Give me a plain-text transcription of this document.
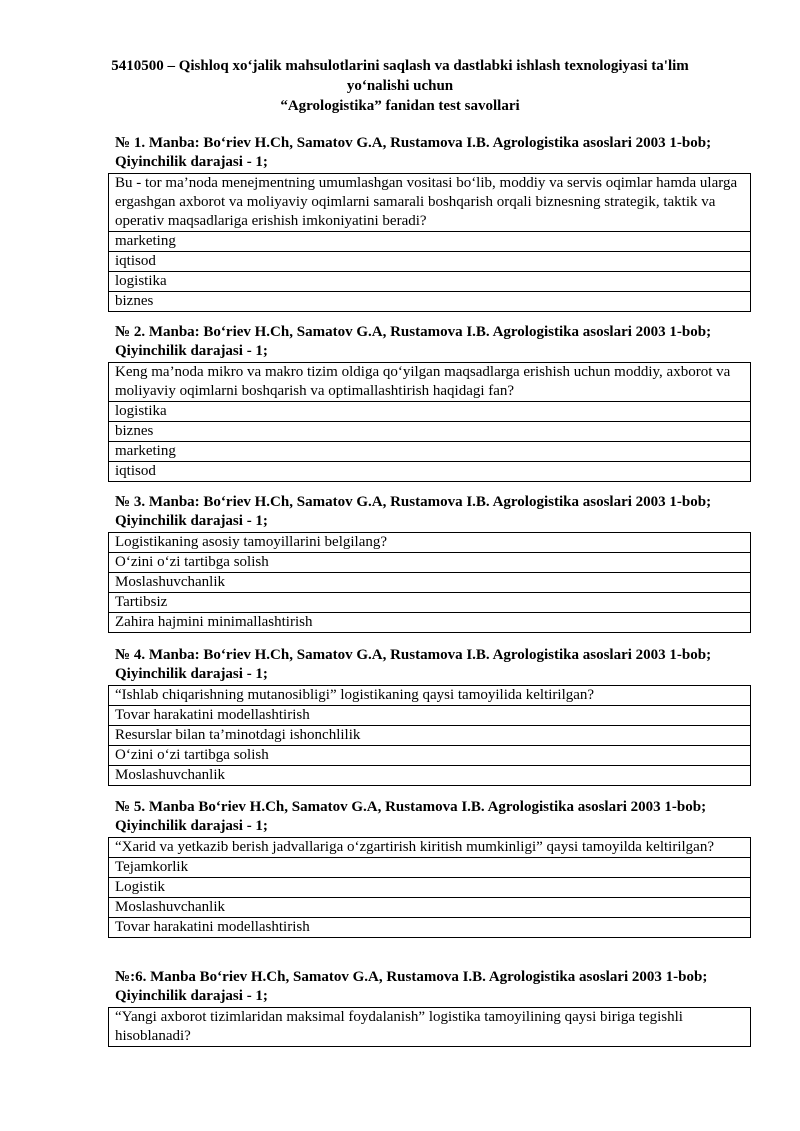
5410500 – Qishloq xo‘jalik mahsulotlarini saqlash va dastlabki ishlash texnologiyasi ta'lim yo‘nalishi uchun
“Agrologistika” fanidan test savollari
№ 1. Manba: Bo‘riev H.Ch, Samatov G.A, Rustamova I.B. Agrologistika asoslari 2003 1-bob; Qiyinchilik darajasi - 1;
Bu - tor ma’noda menejmentning umumlashgan vositasi bo‘lib, moddiy va servis oqimlar hamda ularga ergashgan axborot va moliyaviy oqimlarni samarali boshqarish orqali biznesning strategik, taktik va operativ maqsadlariga erishish imkoniyatini beradi?
marketing
iqtisod
logistika
biznes
№ 2. Manba: Bo‘riev H.Ch, Samatov G.A, Rustamova I.B. Agrologistika asoslari 2003 1-bob; Qiyinchilik darajasi - 1;
Keng ma’noda mikro va makro tizim oldiga qo‘yilgan maqsadlarga erishish uchun moddiy, axborot va moliyaviy oqimlarni boshqarish va optimallashtirish haqidagi fan?
logistika
biznes
marketing
iqtisod
№ 3. Manba: Bo‘riev H.Ch, Samatov G.A, Rustamova I.B. Agrologistika asoslari 2003 1-bob; Qiyinchilik darajasi - 1;
Logistikaning asosiy tamoyillarini belgilang?
O‘zini o‘zi tartibga solish
Moslashuvchanlik
Tartibsiz
Zahira hajmini minimallashtirish
№ 4. Manba: Bo‘riev H.Ch, Samatov G.A, Rustamova I.B. Agrologistika asoslari 2003 1-bob; Qiyinchilik darajasi - 1;
“Ishlab chiqarishning mutanosibligi” logistikaning qaysi tamoyilida keltirilgan?
Tovar harakatini modellashtirish
Resurslar bilan ta’minotdagi ishonchlilik
O‘zini o‘zi tartibga solish
Moslashuvchanlik
№ 5. Manba Bo‘riev H.Ch, Samatov G.A, Rustamova I.B. Agrologistika asoslari 2003 1-bob; Qiyinchilik darajasi - 1;
“Xarid va yetkazib berish jadvallariga o‘zgartirish kiritish mumkinligi” qaysi tamoyilda keltirilgan?
Tejamkorlik
Logistik
Moslashuvchanlik
Tovar harakatini modellashtirish
№:6. Manba Bo‘riev H.Ch, Samatov G.A, Rustamova I.B. Agrologistika asoslari 2003 1-bob; Qiyinchilik darajasi - 1;
“Yangi axborot tizimlaridan maksimal foydalanish” logistika tamoyilining qaysi biriga tegishli hisoblanadi?
